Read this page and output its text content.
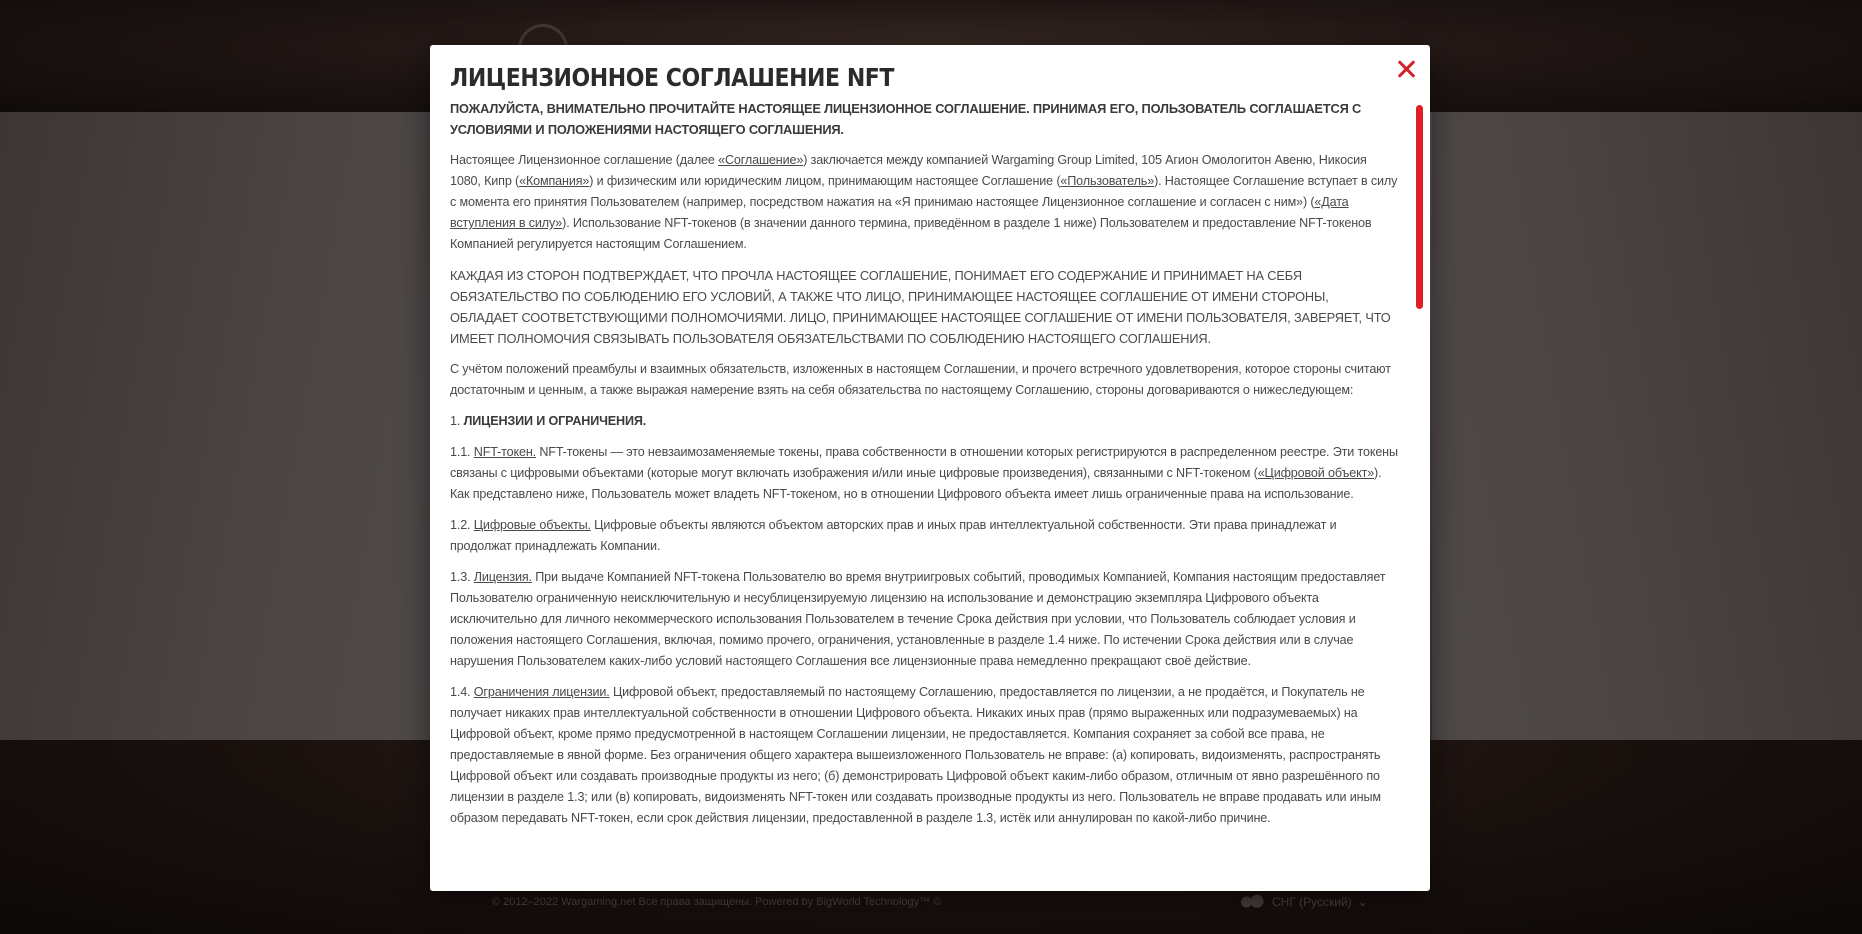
© 2012–2022 Wargaming.net Все права защищены. Powered by BigWorld Technology™ ©	СНГ (Русский) ⌄
ЛИЦЕНЗИОННОЕ СОГЛАШЕНИЕ NFT

ПОЖАЛУЙСТА, ВНИМАТЕЛЬНО ПРОЧИТАЙТЕ НАСТОЯЩЕЕ ЛИЦЕНЗИОННОЕ СОГЛАШЕНИЕ. ПРИНИМАЯ ЕГО, ПОЛЬЗОВАТЕЛЬ СОГЛАШАЕТСЯ С УСЛОВИЯМИ И ПОЛОЖЕНИЯМИ НАСТОЯЩЕГО СОГЛАШЕНИЯ.

Настоящее Лицензионное соглашение (далее «Соглашение») заключается между компанией Wargaming Group Limited, 105 Агион Омологитон Авеню, Никосия 1080, Кипр («Компания») и физическим или юридическим лицом, принимающим настоящее Соглашение («Пользователь»). Настоящее Соглашение вступает в силу с момента его принятия Пользователем (например, посредством нажатия на «Я принимаю настоящее Лицензионное соглашение и согласен с ним») («Дата вступления в силу»). Использование NFT-токенов (в значении данного термина, приведённом в разделе 1 ниже) Пользователем и предоставление NFT-токенов Компанией регулируется настоящим Соглашением.

КАЖДАЯ ИЗ СТОРОН ПОДТВЕРЖДАЕТ, ЧТО ПРОЧЛА НАСТОЯЩЕЕ СОГЛАШЕНИЕ, ПОНИМАЕТ ЕГО СОДЕРЖАНИЕ И ПРИНИМАЕТ НА СЕБЯ ОБЯЗАТЕЛЬСТВО ПО СОБЛЮДЕНИЮ ЕГО УСЛОВИЙ, А ТАКЖЕ ЧТО ЛИЦО, ПРИНИМАЮЩЕЕ НАСТОЯЩЕЕ СОГЛАШЕНИЕ ОТ ИМЕНИ СТОРОНЫ, ОБЛАДАЕТ СООТВЕТСТВУЮЩИМИ ПОЛНОМОЧИЯМИ. ЛИЦО, ПРИНИМАЮЩЕЕ НАСТОЯЩЕЕ СОГЛАШЕНИЕ ОТ ИМЕНИ ПОЛЬЗОВАТЕЛЯ, ЗАВЕРЯЕТ, ЧТО ИМЕЕТ ПОЛНОМОЧИЯ СВЯЗЫВАТЬ ПОЛЬЗОВАТЕЛЯ ОБЯЗАТЕЛЬСТВАМИ ПО СОБЛЮДЕНИЮ НАСТОЯЩЕГО СОГЛАШЕНИЯ.

С учётом положений преамбулы и взаимных обязательств, изложенных в настоящем Соглашении, и прочего встречного удовлетворения, которое стороны считают достаточным и ценным, а также выражая намерение взять на себя обязательства по настоящему Соглашению, стороны договариваются о нижеследующем:

1. ЛИЦЕНЗИИ И ОГРАНИЧЕНИЯ.

1.1. NFT-токен. NFT-токены — это невзаимозаменяемые токены, права собственности в отношении которых регистрируются в распределенном реестре. Эти токены связаны с цифровыми объектами (которые могут включать изображения и/или иные цифровые произведения), связанными с NFT-токеном («Цифровой объект»). Как представлено ниже, Пользователь может владеть NFT-токеном, но в отношении Цифрового объекта имеет лишь ограниченные права на использование.

1.2. Цифровые объекты. Цифровые объекты являются объектом авторских прав и иных прав интеллектуальной собственности. Эти права принадлежат и продолжат принадлежать Компании.

1.3. Лицензия. При выдаче Компанией NFT-токена Пользователю во время внутриигровых событий, проводимых Компанией, Компания настоящим предоставляет Пользователю ограниченную неисключительную и несублицензируемую лицензию на использование и демонстрацию экземпляра Цифрового объекта исключительно для личного некоммерческого использования Пользователем в течение Срока действия при условии, что Пользователь соблюдает условия и положения настоящего Соглашения, включая, помимо прочего, ограничения, установленные в разделе 1.4 ниже. По истечении Срока действия или в случае нарушения Пользователем каких-либо условий настоящего Соглашения все лицензионные права немедленно прекращают своё действие.

1.4. Ограничения лицензии. Цифровой объект, предоставляемый по настоящему Соглашению, предоставляется по лицензии, а не продаётся, и Покупатель не получает никаких прав интеллектуальной собственности в отношении Цифрового объекта. Никаких иных прав (прямо выраженных или подразумеваемых) на Цифровой объект, кроме прямо предусмотренной в настоящем Соглашении лицензии, не предоставляется. Компания сохраняет за собой все права, не предоставляемые в явной форме. Без ограничения общего характера вышеизложенного Пользователь не вправе: (а) копировать, видоизменять, распространять Цифровой объект или создавать производные продукты из него; (б) демонстрировать Цифровой объект каким-либо образом, отличным от явно разрешённого по лицензии в разделе 1.3; или (в) копировать, видоизменять NFT-токен или создавать производные продукты из него. Пользователь не вправе продавать или иным образом передавать NFT-токен, если срок действия лицензии, предоставленной в разделе 1.3, истёк или аннулирован по какой-либо причине.
